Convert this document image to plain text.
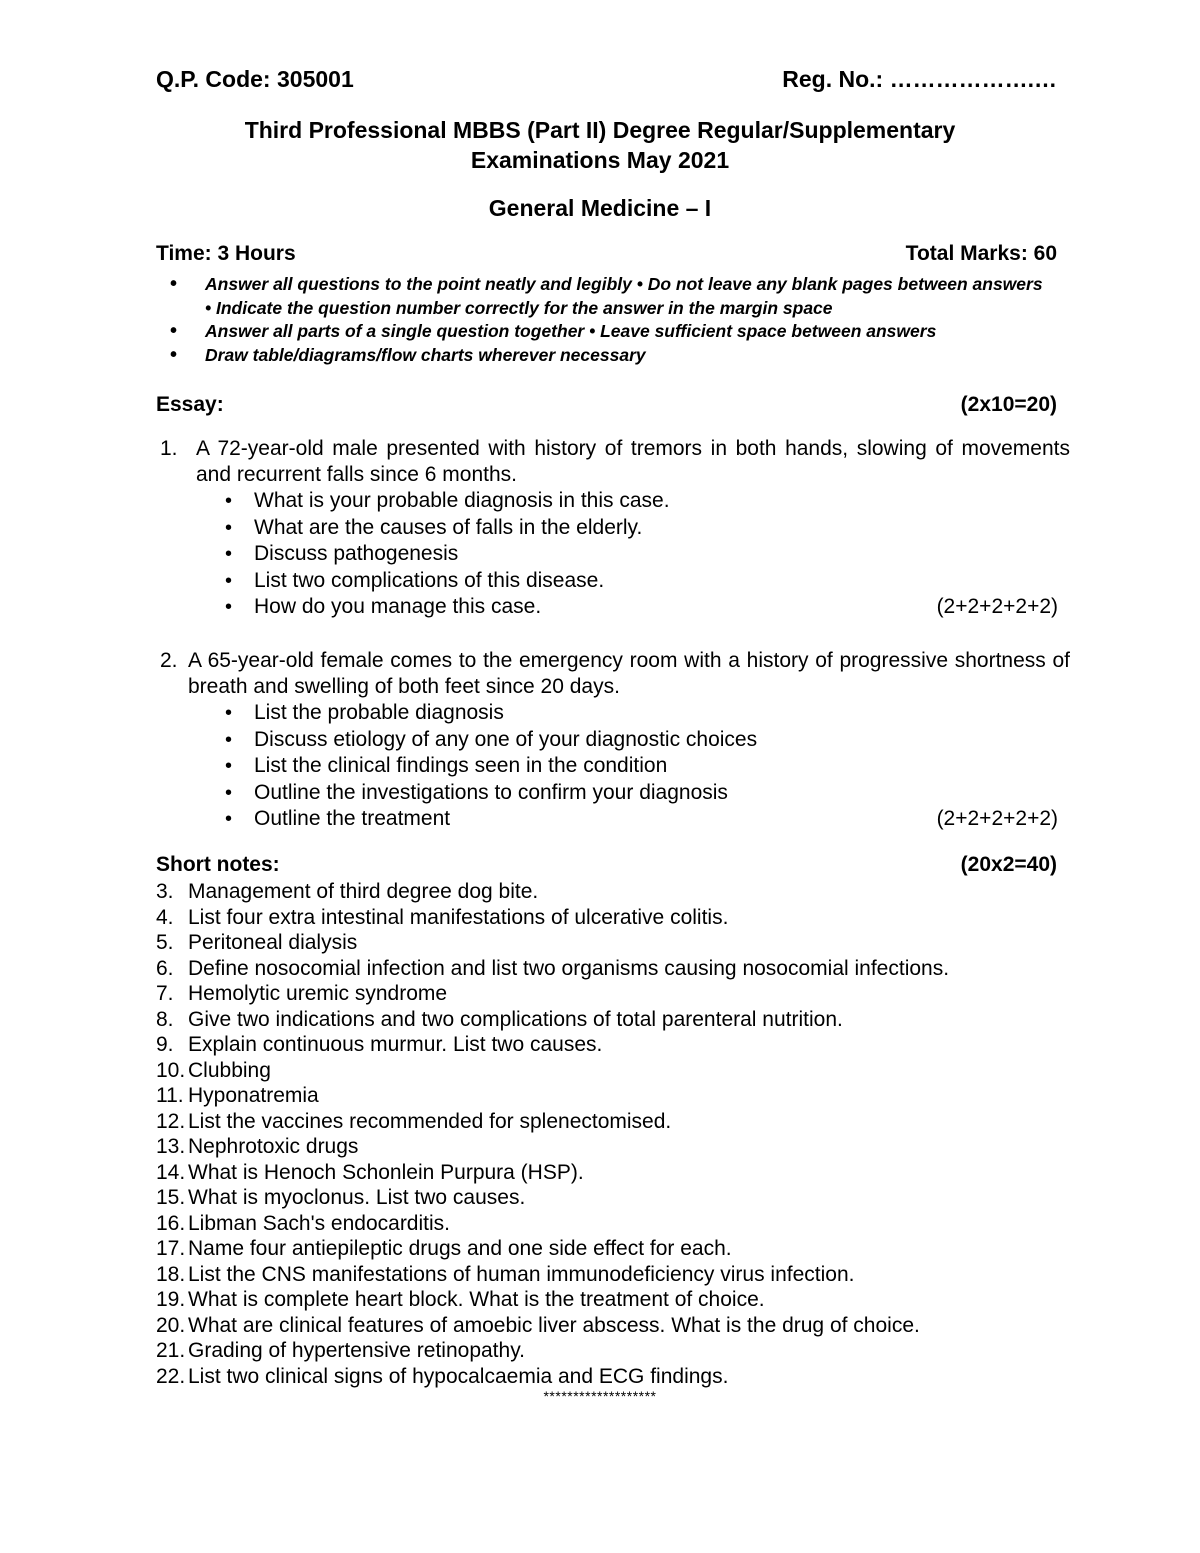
Q.P. Code: 305001	Reg. No.: ……………….…
Third Professional MBBS (Part II) Degree Regular/Supplementary
Examinations May 2021
General Medicine – I
Time: 3 Hours	Total Marks: 60
• Answer all questions to the point neatly and legibly • Do not leave any blank pages between answers • Indicate the question number correctly for the answer in the margin space
• Answer all parts of a single question together • Leave sufficient space between answers
• Draw table/diagrams/flow charts wherever necessary
Essay:	(2x10=20)
1. A 72-year-old male presented with history of tremors in both hands, slowing of movements and recurrent falls since 6 months.
• What is your probable diagnosis in this case.
• What are the causes of falls in the elderly.
• Discuss pathogenesis
• List two complications of this disease.
• How do you manage this case.	(2+2+2+2+2)
2. A 65-year-old female comes to the emergency room with a history of progressive shortness of breath and swelling of both feet since 20 days.
• List the probable diagnosis
• Discuss etiology of any one of your diagnostic choices
• List the clinical findings seen in the condition
• Outline the investigations to confirm your diagnosis
• Outline the treatment	(2+2+2+2+2)
Short notes:	(20x2=40)
3. Management of third degree dog bite.
4. List four extra intestinal manifestations of ulcerative colitis.
5. Peritoneal dialysis
6. Define nosocomial infection and list two organisms causing nosocomial infections.
7. Hemolytic uremic syndrome
8. Give two indications and two complications of total parenteral nutrition.
9. Explain continuous murmur. List two causes.
10. Clubbing
11. Hyponatremia
12. List the vaccines recommended for splenectomised.
13. Nephrotoxic drugs
14. What is Henoch Schonlein Purpura (HSP).
15. What is myoclonus. List two causes.
16. Libman Sach's endocarditis.
17. Name four antiepileptic drugs and one side effect for each.
18. List the CNS manifestations of human immunodeficiency virus infection.
19. What is complete heart block. What is the treatment of choice.
20. What are clinical features of amoebic liver abscess. What is the drug of choice.
21. Grading of hypertensive retinopathy.
22. List two clinical signs of hypocalcaemia and ECG findings.
*******************
